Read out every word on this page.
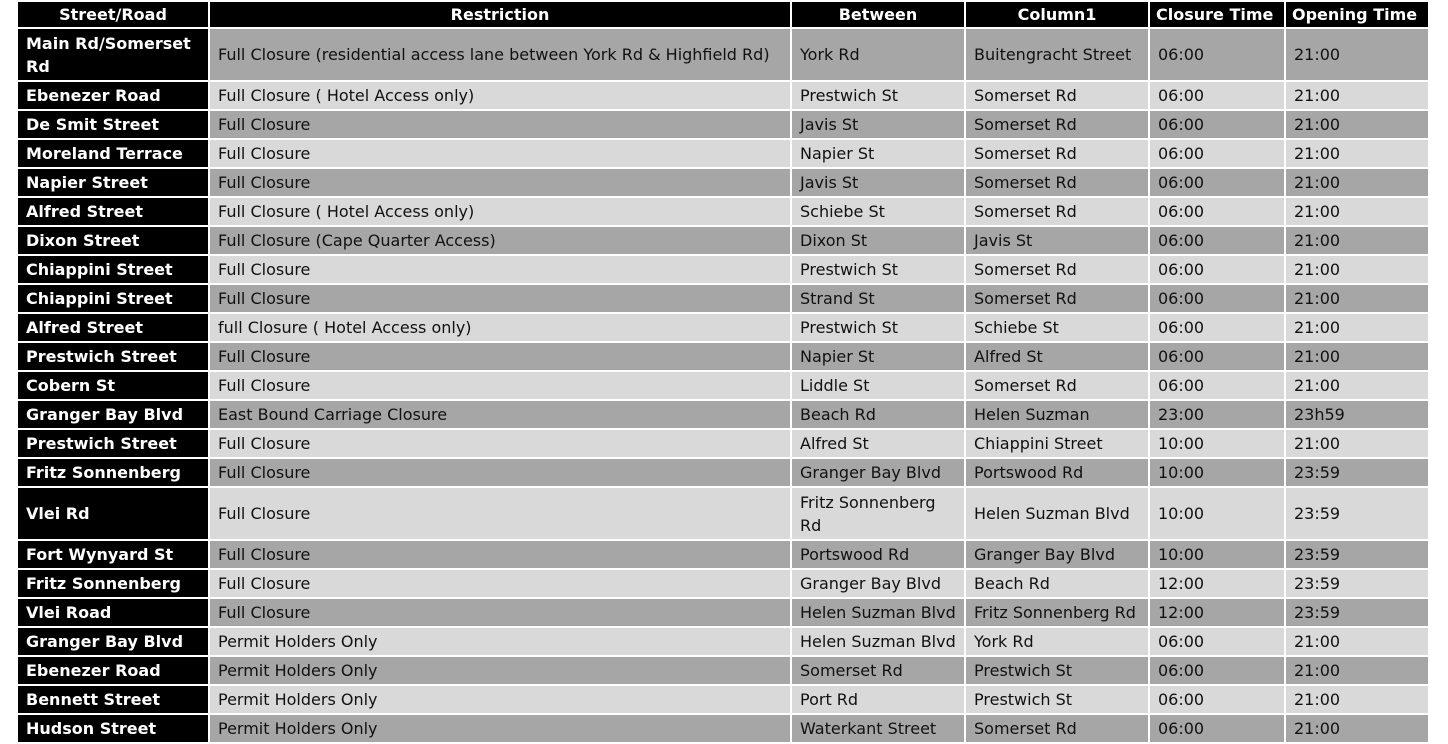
Street/Road	Restriction	Between	Column1	Closure Time	Opening Time
Main Rd/Somerset Rd	Full Closure (residential access lane between York Rd & Highfield Rd)	York Rd	Buitengracht Street	06:00	21:00
Ebenezer Road	Full Closure ( Hotel Access only)	Prestwich St	Somerset Rd	06:00	21:00
De Smit Street	Full Closure	Javis St	Somerset Rd	06:00	21:00
Moreland Terrace	Full Closure	Napier St	Somerset Rd	06:00	21:00
Napier Street	Full Closure	Javis St	Somerset Rd	06:00	21:00
Alfred Street	Full Closure ( Hotel Access only)	Schiebe St	Somerset Rd	06:00	21:00
Dixon Street	Full Closure (Cape Quarter Access)	Dixon St	Javis St	06:00	21:00
Chiappini Street	Full Closure	Prestwich St	Somerset Rd	06:00	21:00
Chiappini Street	Full Closure	Strand St	Somerset Rd	06:00	21:00
Alfred Street	full Closure ( Hotel Access only)	Prestwich St	Schiebe St	06:00	21:00
Prestwich Street	Full Closure	Napier St	Alfred St	06:00	21:00
Cobern St	Full Closure	Liddle St	Somerset Rd	06:00	21:00
Granger Bay Blvd	East Bound Carriage Closure	Beach Rd	Helen Suzman	23:00	23h59
Prestwich Street	Full Closure	Alfred St	Chiappini Street	10:00	21:00
Fritz Sonnenberg	Full Closure	Granger Bay Blvd	Portswood Rd	10:00	23:59
Vlei Rd	Full Closure	Fritz Sonnenberg Rd	Helen Suzman Blvd	10:00	23:59
Fort Wynyard St	Full Closure	Portswood Rd	Granger Bay Blvd	10:00	23:59
Fritz Sonnenberg	Full Closure	Granger Bay Blvd	Beach Rd	12:00	23:59
Vlei Road	Full Closure	Helen Suzman Blvd	Fritz Sonnenberg Rd	12:00	23:59
Granger Bay Blvd	Permit Holders Only	Helen Suzman Blvd	York Rd	06:00	21:00
Ebenezer Road	Permit Holders Only	Somerset Rd	Prestwich St	06:00	21:00
Bennett Street	Permit Holders Only	Port Rd	Prestwich St	06:00	21:00
Hudson Street	Permit Holders Only	Waterkant Street	Somerset Rd	06:00	21:00
